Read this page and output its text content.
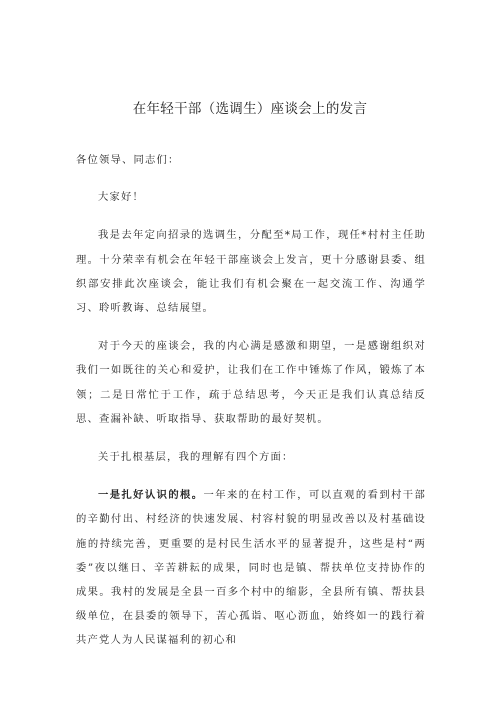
在年轻干部（选调生）座谈会上的发言

各位领导、同志们：

大家好！

我是去年定向招录的选调生，分配至*局工作，现任*村村主任助理。十分荣幸有机会在年轻干部座谈会上发言，更十分感谢县委、组织部安排此次座谈会，能让我们有机会聚在一起交流工作、沟通学习、聆听教诲、总结展望。

对于今天的座谈会，我的内心满是感激和期望，一是感谢组织对我们一如既往的关心和爱护，让我们在工作中锤炼了作风，锻炼了本领；二是日常忙于工作，疏于总结思考，今天正是我们认真总结反思、查漏补缺、听取指导、获取帮助的最好契机。

关于扎根基层，我的理解有四个方面：

一是扎好认识的根。一年来的在村工作，可以直观的看到村干部的辛勤付出、村经济的快速发展、村容村貌的明显改善以及村基础设施的持续完善，更重要的是村民生活水平的显著提升，这些是村“两委”夜以继日、辛苦耕耘的成果，同时也是镇、帮扶单位支持协作的成果。我村的发展是全县一百多个村中的缩影，全县所有镇、帮扶县级单位，在县委的领导下，苦心孤诣、呕心沥血，始终如一的践行着共产党人为人民谋福利的初心和
